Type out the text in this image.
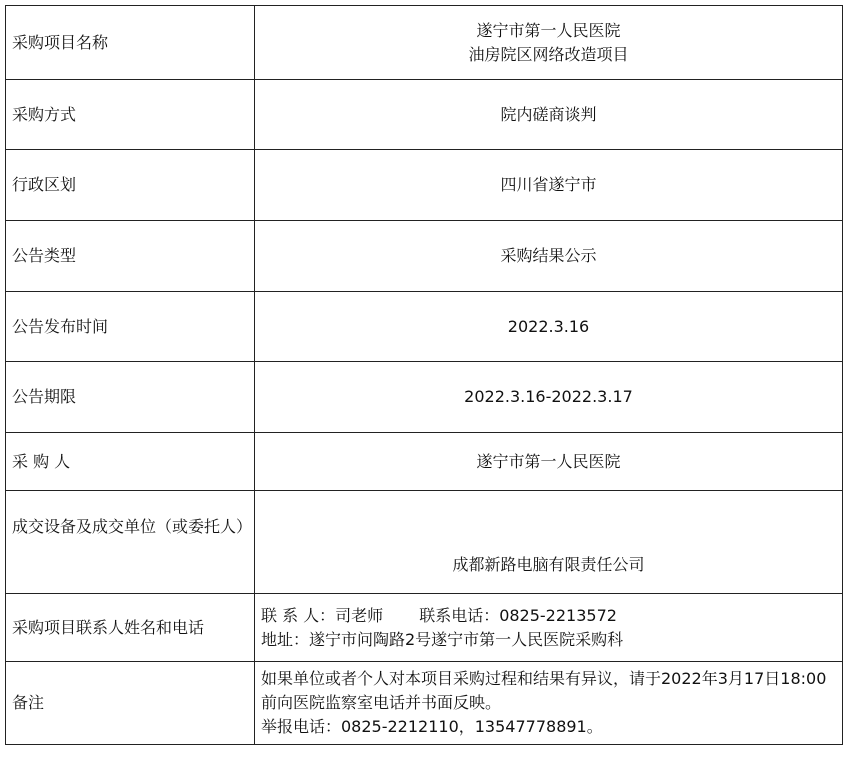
采购项目名称	遂宁市第一人民医院
油房院区网络改造项目

采购方式	院内磋商谈判
行政区划	四川省遂宁市
公告类型	采购结果公示
公告发布时间	2022.3.16
公告期限	2022.3.16-2022.3.17
采 购 人	遂宁市第一人民医院
成交设备及成交单位（或委托人）	成都新路电脑有限责任公司
采购项目联系人姓名和电话	联 系 人：司老师 联系电话：0825-2213572
地址：遂宁市问陶路2号遂宁市第一人民医院采购科

备注	如果单位或者个人对本项目采购过程和结果有异议，请于2022年3月17日18:00前向医院监察室电话并书面反映。
举报电话：0825-2212110，13547778891。
